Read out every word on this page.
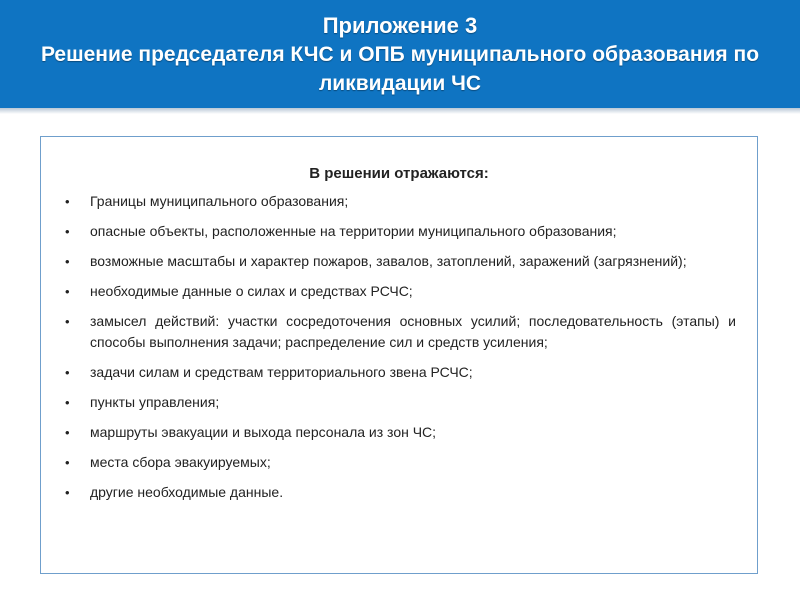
Приложение 3
Решение председателя КЧС и ОПБ муниципального образования по ликвидации ЧС
В решении отражаются:
•	Границы муниципального образования;
•	опасные объекты, расположенные на территории муниципального образования;
•	возможные масштабы и характер пожаров, завалов, затоплений, заражений (загрязнений);
•	необходимые данные о силах и средствах РСЧС;
•	замысел действий: участки сосредоточения основных усилий; последовательность (этапы) и способы выполнения задачи; распределение сил и средств усиления;
•	задачи силам и средствам территориального звена РСЧС;
•	пункты управления;
•	маршруты эвакуации и выхода персонала из зон ЧС;
•	места сбора эвакуируемых;
•	другие необходимые данные.
